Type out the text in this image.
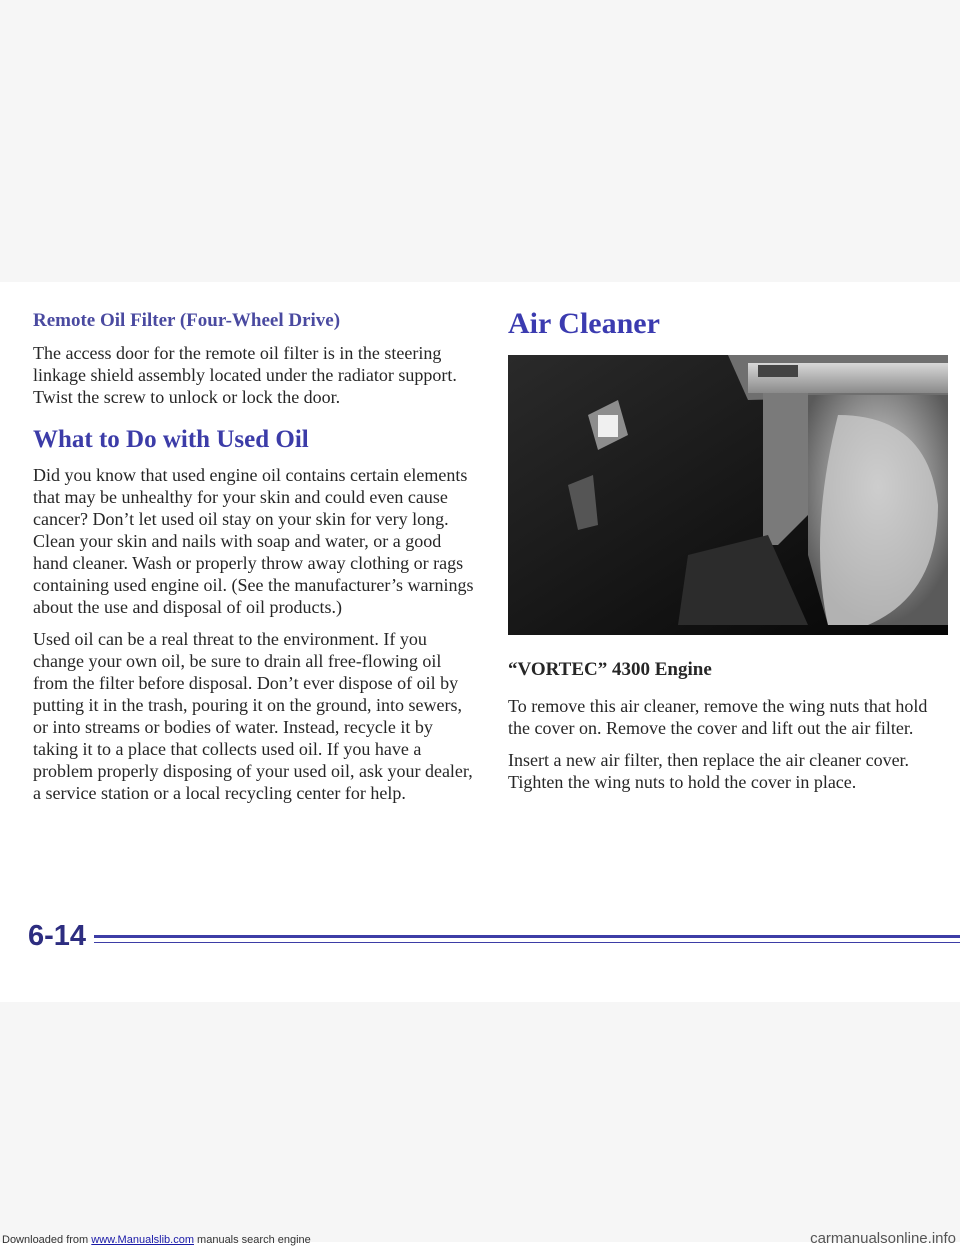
Remote Oil Filter (Four-Wheel Drive)

The access door for the remote oil filter is in the steering linkage shield assembly located under the radiator support. Twist the screw to unlock or lock the door.

What to Do with Used Oil

Did you know that used engine oil contains certain elements that may be unhealthy for your skin and could even cause cancer? Don’t let used oil stay on your skin for very long. Clean your skin and nails with soap and water, or a good hand cleaner. Wash or properly throw away clothing or rags containing used engine oil. (See the manufacturer’s warnings about the use and disposal of oil products.)

Used oil can be a real threat to the environment. If you change your own oil, be sure to drain all free-flowing oil from the filter before disposal. Don’t ever dispose of oil by putting it in the trash, pouring it on the ground, into sewers, or into streams or bodies of water. Instead, recycle it by taking it to a place that collects used oil. If you have a problem properly disposing of your used oil, ask your dealer, a service station or a local recycling center for help.

Air Cleaner
“VORTEC” 4300 Engine

To remove this air cleaner, remove the wing nuts that hold the cover on. Remove the cover and lift out the air filter.

Insert a new air filter, then replace the air cleaner cover. Tighten the wing nuts to hold the cover in place.

6-14
Downloaded from www.Manualslib.com manuals search engine	carmanualsonline.info
